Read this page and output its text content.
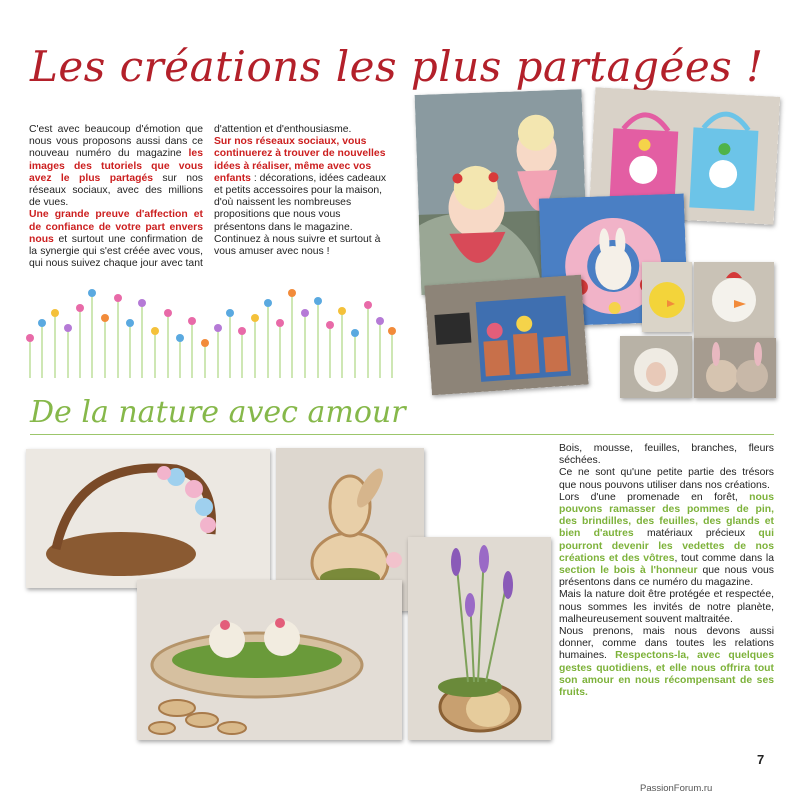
Les créations les plus partagées !
C'est avec beaucoup d'émotion que nous vous proposons aussi dans ce nouveau numéro du magazine les images des tutoriels que vous avez le plus partagés sur nos réseaux sociaux, avec des millions de vues.
Une grande preuve d'affection et de confiance de votre part envers nous et surtout une confirmation de la synergie qui s'est créée avec vous, qui nous suivez chaque jour avec tant
d'attention et d'enthousiasme.
Sur nos réseaux sociaux, vous continuerez à trouver de nouvelles idées à réaliser, même avec vos enfants : décorations, idées cadeaux et petits accessoires pour la maison, d'où naissent les nombreuses propositions que nous vous présentons dans le magazine.
Continuez à nous suivre et surtout à vous amuser avec nous !
De la nature avec amour
Bois, mousse, feuilles, branches, fleurs séchées.
Ce ne sont qu'une petite partie des trésors que nous pouvons utiliser dans nos créations.
Lors d'une promenade en forêt, nous pouvons ramasser des pommes de pin, des brindilles, des feuilles, des glands et bien d'autres matériaux précieux qui pourront devenir les vedettes de nos créations et des vôtres, tout comme dans la section le bois à l'honneur que nous vous présentons dans ce numéro du magazine.
Mais la nature doit être protégée et respectée, nous sommes les invités de notre planète, malheureusement souvent maltraitée.
Nous prenons, mais nous devons aussi donner, comme dans toutes les relations humaines. Respectons-la, avec quelques gestes quotidiens, et elle nous offrira tout son amour en nous récompensant de ses fruits.
7
PassionForum.ru
